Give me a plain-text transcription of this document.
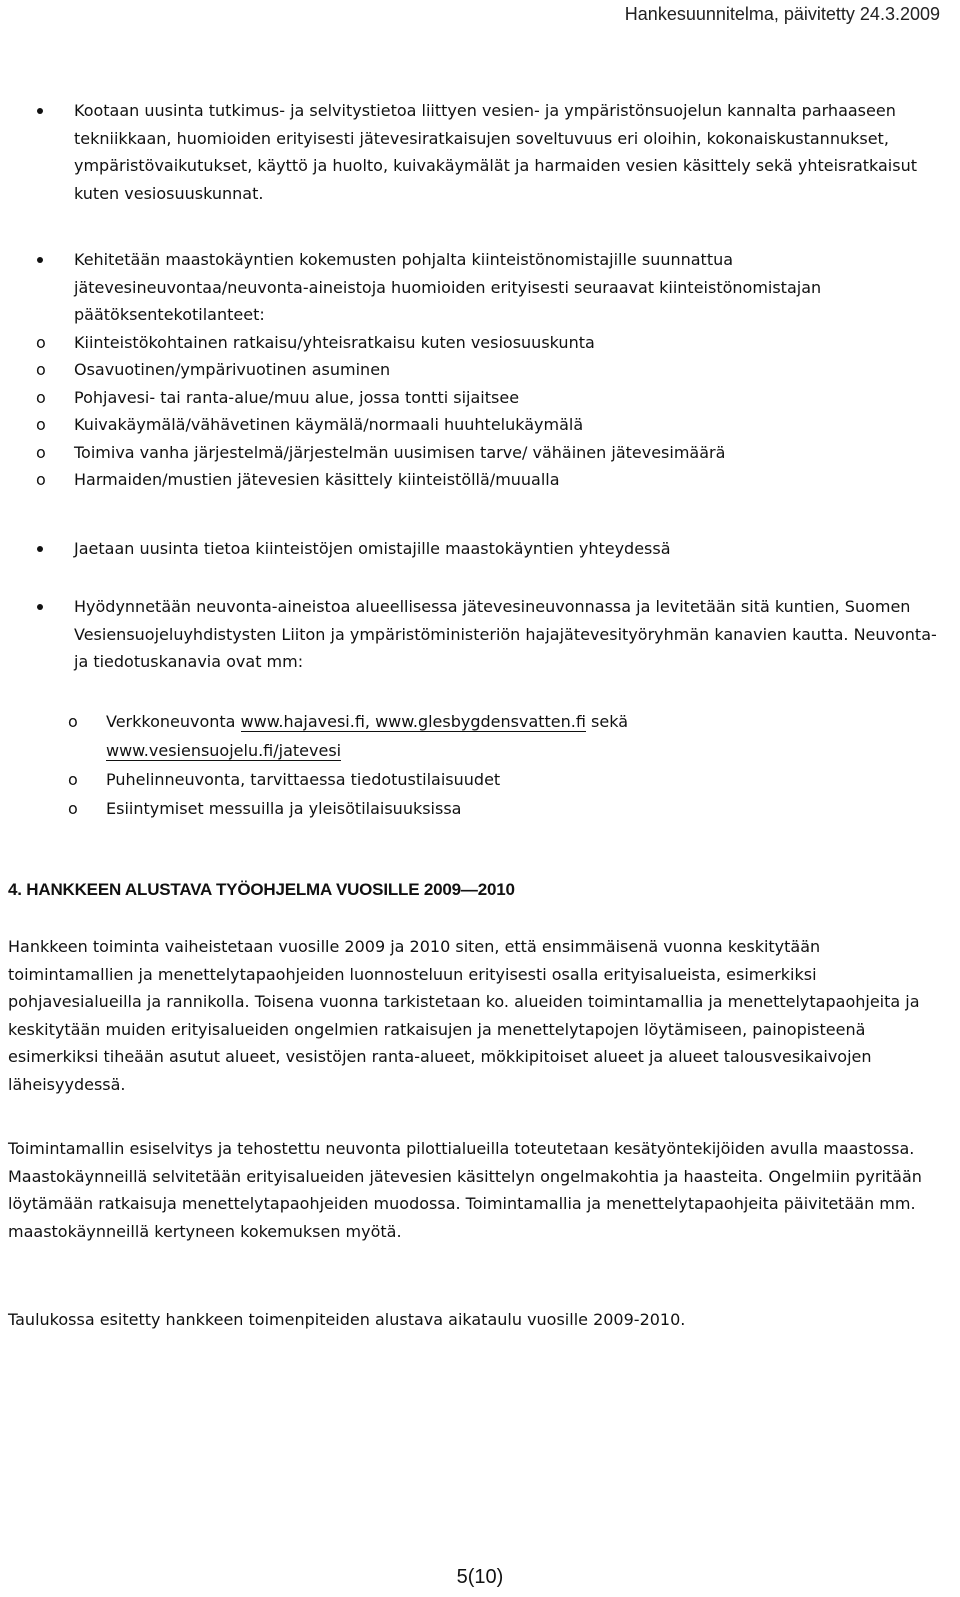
Hankesuunnitelma, päivitetty 24.3.2009

Kootaan uusinta tutkimus- ja selvitystietoa liittyen vesien- ja ympäristönsuojelun kannalta parhaaseen tekniikkaan, huomioiden erityisesti jätevesiratkaisujen soveltuvuus eri oloihin, kokonaiskustannukset, ympäristövaikutukset, käyttö ja huolto, kuivakäymälät ja harmaiden vesien käsittely sekä yhteisratkaisut kuten vesiosuuskunnat.

Kehitetään maastokäyntien kokemusten pohjalta kiinteistönomistajille suunnattua jätevesineuvontaa/neuvonta-aineistoja huomioiden erityisesti seuraavat kiinteistönomistajan päätöksentekotilanteet:

o Kiinteistökohtainen ratkaisu/yhteisratkaisu kuten vesiosuuskunta
o Osavuotinen/ympärivuotinen asuminen
o Pohjavesi- tai ranta-alue/muu alue, jossa tontti sijaitsee
o Kuivakäymälä/vähävetinen käymälä/normaali huuhtelukäymälä
o Toimiva vanha järjestelmä/järjestelmän uusimisen tarve/ vähäinen jätevesimäärä
o Harmaiden/mustien jätevesien käsittely kiinteistöllä/muualla

Jaetaan uusinta tietoa kiinteistöjen omistajille maastokäyntien yhteydessä

Hyödynnetään neuvonta-aineistoa alueellisessa jätevesineuvonnassa ja levitetään sitä kuntien, Suomen Vesiensuojeluyhdistysten Liiton ja ympäristöministeriön hajajätevesityöryhmän kanavien kautta. Neuvonta- ja tiedotuskanavia ovat mm:

o Verkkoneuvonta www.hajavesi.fi, www.glesbygdensvatten.fi sekä
www.vesiensuojelu.fi/jatevesi
o Puhelinneuvonta, tarvittaessa tiedotustilaisuudet
o Esiintymiset messuilla ja yleisötilaisuuksissa
4. HANKKEEN ALUSTAVA TYÖOHJELMA VUOSILLE 2009—2010

Hankkeen toiminta vaiheistetaan vuosille 2009 ja 2010 siten, että ensimmäisenä vuonna keskitytään toimintamallien ja menettelytapaohjeiden luonnosteluun erityisesti osalla erityisalueista, esimerkiksi pohjavesialueilla ja rannikolla. Toisena vuonna tarkistetaan ko. alueiden toimintamallia ja menettelytapaohjeita ja keskitytään muiden erityisalueiden ongelmien ratkaisujen ja menettelytapojen löytämiseen, painopisteenä esimerkiksi tiheään asutut alueet, vesistöjen ranta-alueet, mökkipitoiset alueet ja alueet talousvesikaivojen läheisyydessä.

Toimintamallin esiselvitys ja tehostettu neuvonta pilottialueilla toteutetaan kesätyöntekijöiden avulla maastossa. Maastokäynneillä selvitetään erityisalueiden jätevesien käsittelyn ongelmakohtia ja haasteita. Ongelmiin pyritään löytämään ratkaisuja menettelytapaohjeiden muodossa. Toimintamallia ja menettelytapaohjeita päivitetään mm. maastokäynneillä kertyneen kokemuksen myötä.

Taulukossa esitetty hankkeen toimenpiteiden alustava aikataulu vuosille 2009-2010.

5(10)
